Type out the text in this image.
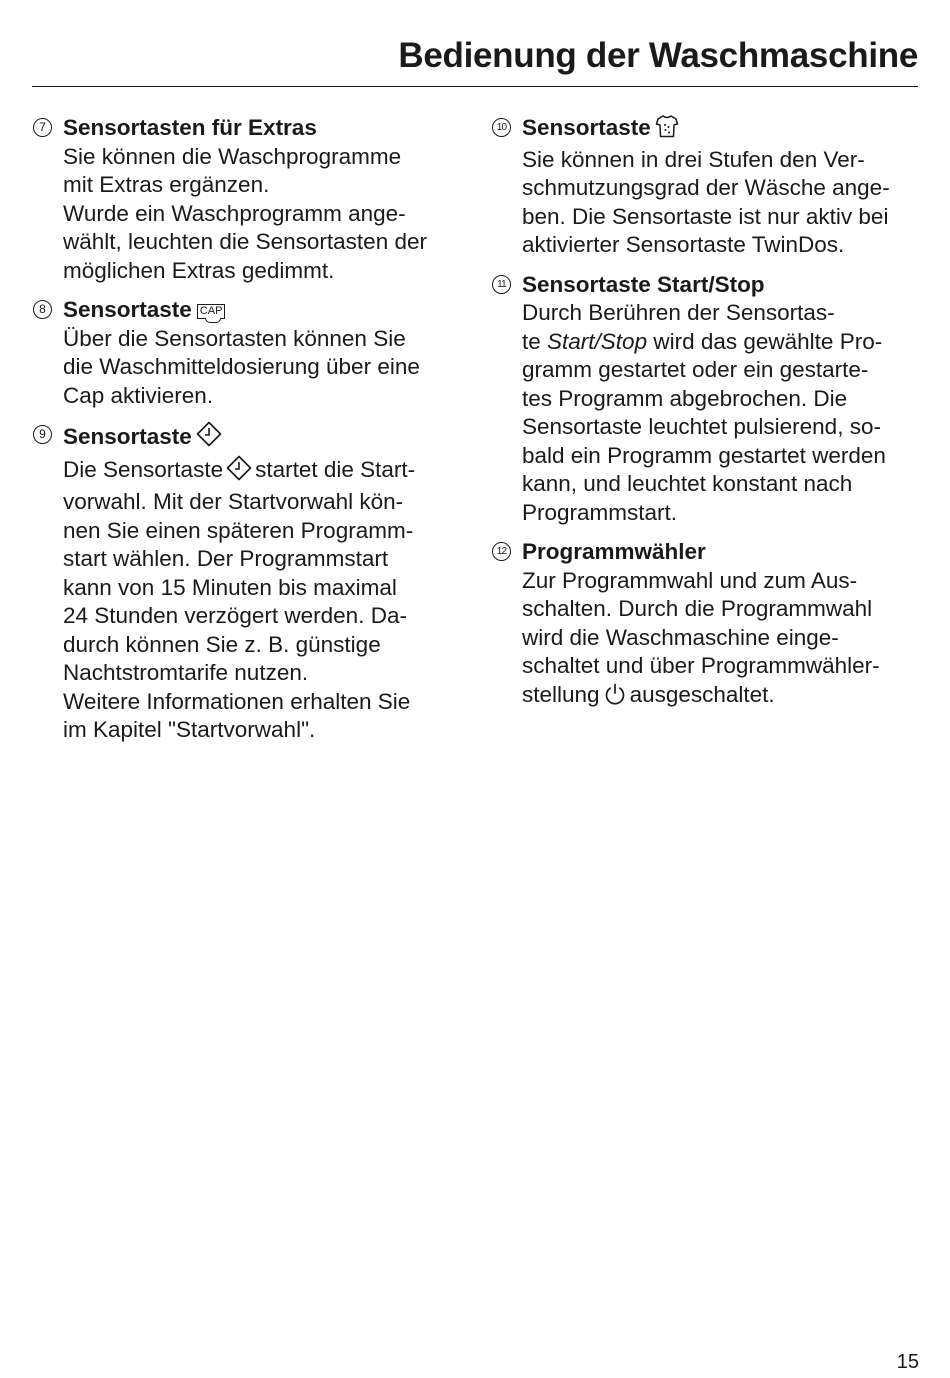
Bedienung der Waschmaschine
7 Sensortasten für Extras
Sie können die Waschprogramme
mit Extras ergänzen.
Wurde ein Waschprogramm ange-
wählt, leuchten die Sensortasten der
möglichen Extras gedimmt.
8 Sensortaste CAP
Über die Sensortasten können Sie
die Waschmitteldosierung über eine
Cap aktivieren.
9 Sensortaste
Die Sensortaste startet die Start-
vorwahl. Mit der Startvorwahl kön-
nen Sie einen späteren Programm-
start wählen. Der Programmstart
kann von 15 Minuten bis maximal
24 Stunden verzögert werden. Da-
durch können Sie z. B. günstige
Nachtstromtarife nutzen.
Weitere Informationen erhalten Sie
im Kapitel "Startvorwahl".
10 Sensortaste
Sie können in drei Stufen den Ver-
schmutzungsgrad der Wäsche ange-
ben. Die Sensortaste ist nur aktiv bei
aktivierter Sensortaste TwinDos.
11 Sensortaste Start/Stop
Durch Berühren der Sensortas-
te Start/Stop wird das gewählte Pro-
gramm gestartet oder ein gestarte-
tes Programm abgebrochen. Die
Sensortaste leuchtet pulsierend, so-
bald ein Programm gestartet werden
kann, und leuchtet konstant nach
Programmstart.
12 Programmwähler
Zur Programmwahl und zum Aus-
schalten. Durch die Programmwahl
wird die Waschmaschine einge-
schaltet und über Programmwähler-
stellung ausgeschaltet.
15
